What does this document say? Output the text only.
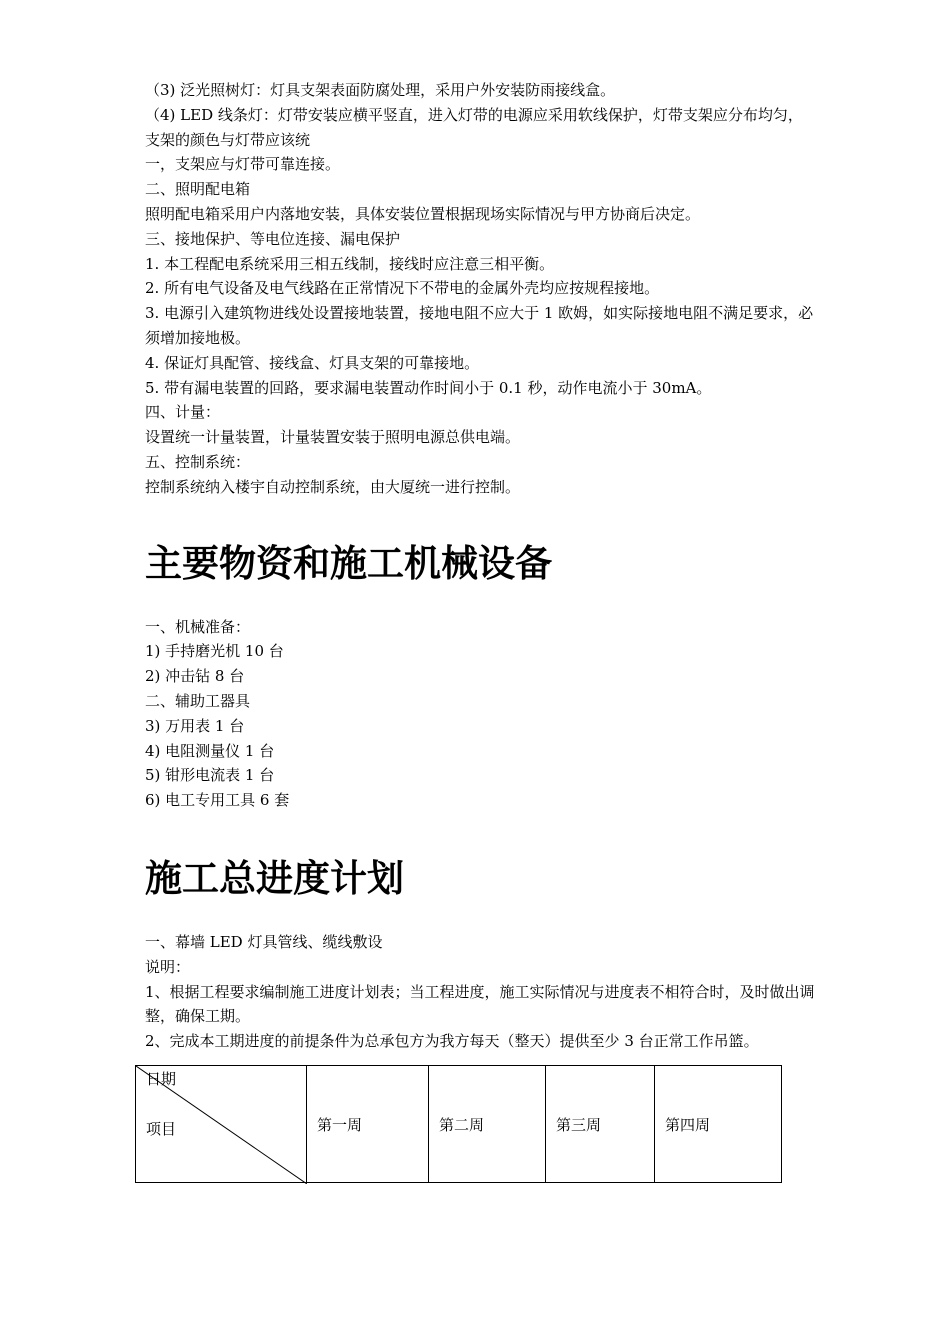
（3) 泛光照树灯：灯具支架表面防腐处理，采用户外安装防雨接线盒。
（4) LED 线条灯：灯带安装应横平竖直，进入灯带的电源应采用软线保护，灯带支架应分布均匀，支架的颜色与灯带应该统
一，支架应与灯带可靠连接。
二、照明配电箱
照明配电箱采用户内落地安装，具体安装位置根据现场实际情况与甲方协商后决定。
三、接地保护、等电位连接、漏电保护
1. 本工程配电系统采用三相五线制，接线时应注意三相平衡。
2. 所有电气设备及电气线路在正常情况下不带电的金属外壳均应按规程接地。
3. 电源引入建筑物进线处设置接地装置，接地电阻不应大于 1 欧姆，如实际接地电阻不满足要求，必须增加接地极。
4. 保证灯具配管、接线盒、灯具支架的可靠接地。
5. 带有漏电装置的回路，要求漏电装置动作时间小于 0.1 秒，动作电流小于 30mA。
四、计量：
设置统一计量装置，计量装置安装于照明电源总供电端。
五、控制系统：
控制系统纳入楼宇自动控制系统，由大厦统一进行控制。
主要物资和施工机械设备
一、机械准备：
1) 手持磨光机 10 台
2) 冲击钻 8 台
二、辅助工器具
3) 万用表 1 台
4) 电阻测量仪 1 台
5) 钳形电流表 1 台
6) 电工专用工具 6 套
施工总进度计划
一、幕墙 LED 灯具管线、缆线敷设
说明：
1、根据工程要求编制施工进度计划表；当工程进度，施工实际情况与进度表不相符合时，及时做出调整，确保工期。
2、完成本工期进度的前提条件为总承包方为我方每天（整天）提供至少 3 台正常工作吊篮。
日期
项目	第一周	第二周	第三周	第四周
